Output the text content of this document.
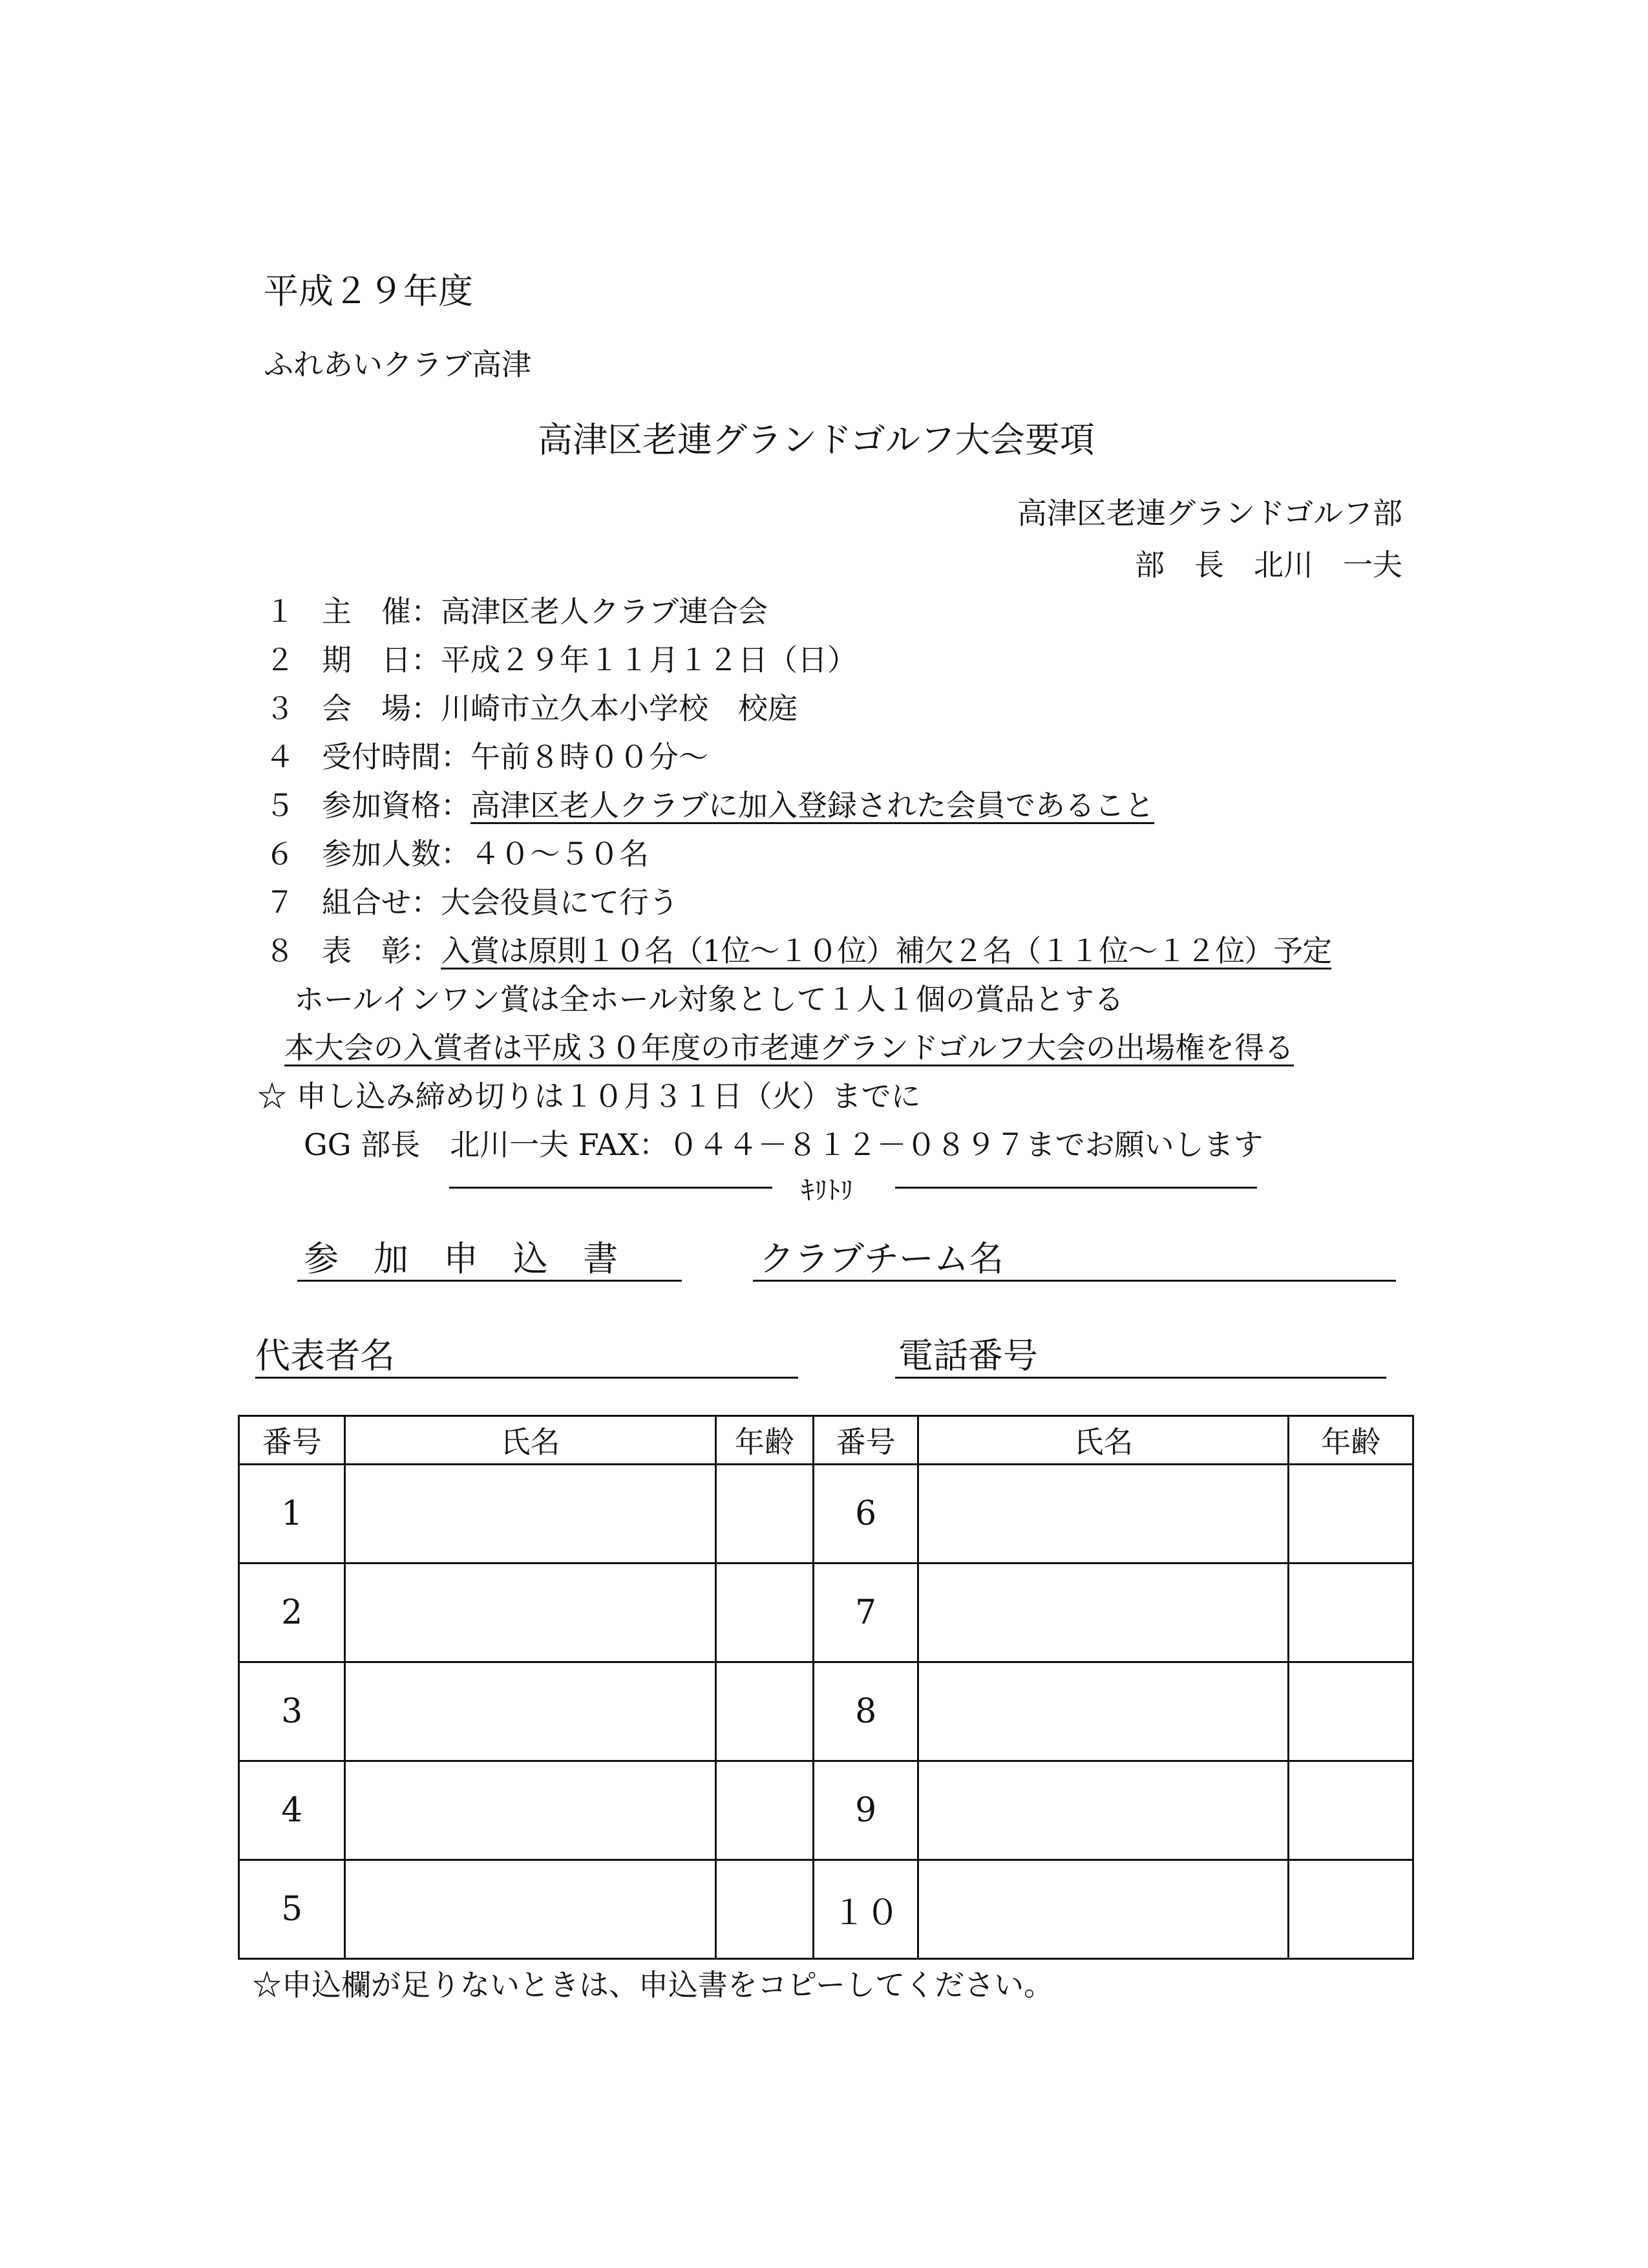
平成２９年度
ふれあいクラブ高津
高津区老連グランドゴルフ大会要項
高津区老連グランドゴルフ部
部　長　北川　一夫
１ 主　催 ： 高津区老人クラブ連合会
２ 期　日 ： 平成２９年１１月１２日（日）
３ 会　場 ： 川崎市立久本小学校　校庭
４ 受付時間 ： 午前８時００分～
５ 参加資格 ： 高津区老人クラブに加入登録された会員であること
６ 参加人数 ： ４０～５０名
７ 組合せ ： 大会役員にて行う
８ 表　彰 ： 入賞は原則１０名（1位～１０位）補欠２名（１１位～１２位）予定
ホールインワン賞は全ホール対象として１人１個の賞品とする
本大会の入賞者は平成３０年度の市老連グランドゴルフ大会の出場権を得る
☆ 申し込み締め切りは１０月３１日（火）までに
GG 部長　北川一夫 FAX：０４４－８１２－０８９７までお願いします
ｷﾘﾄﾘ
参　加　申　込　書	クラブチーム名
代表者名	電話番号
番号	氏名	年齢	番号	氏名	年齢
1			6		
2			7		
3			8		
4			9		
5			１０		
☆申込欄が足りないときは、申込書をコピーしてください。
